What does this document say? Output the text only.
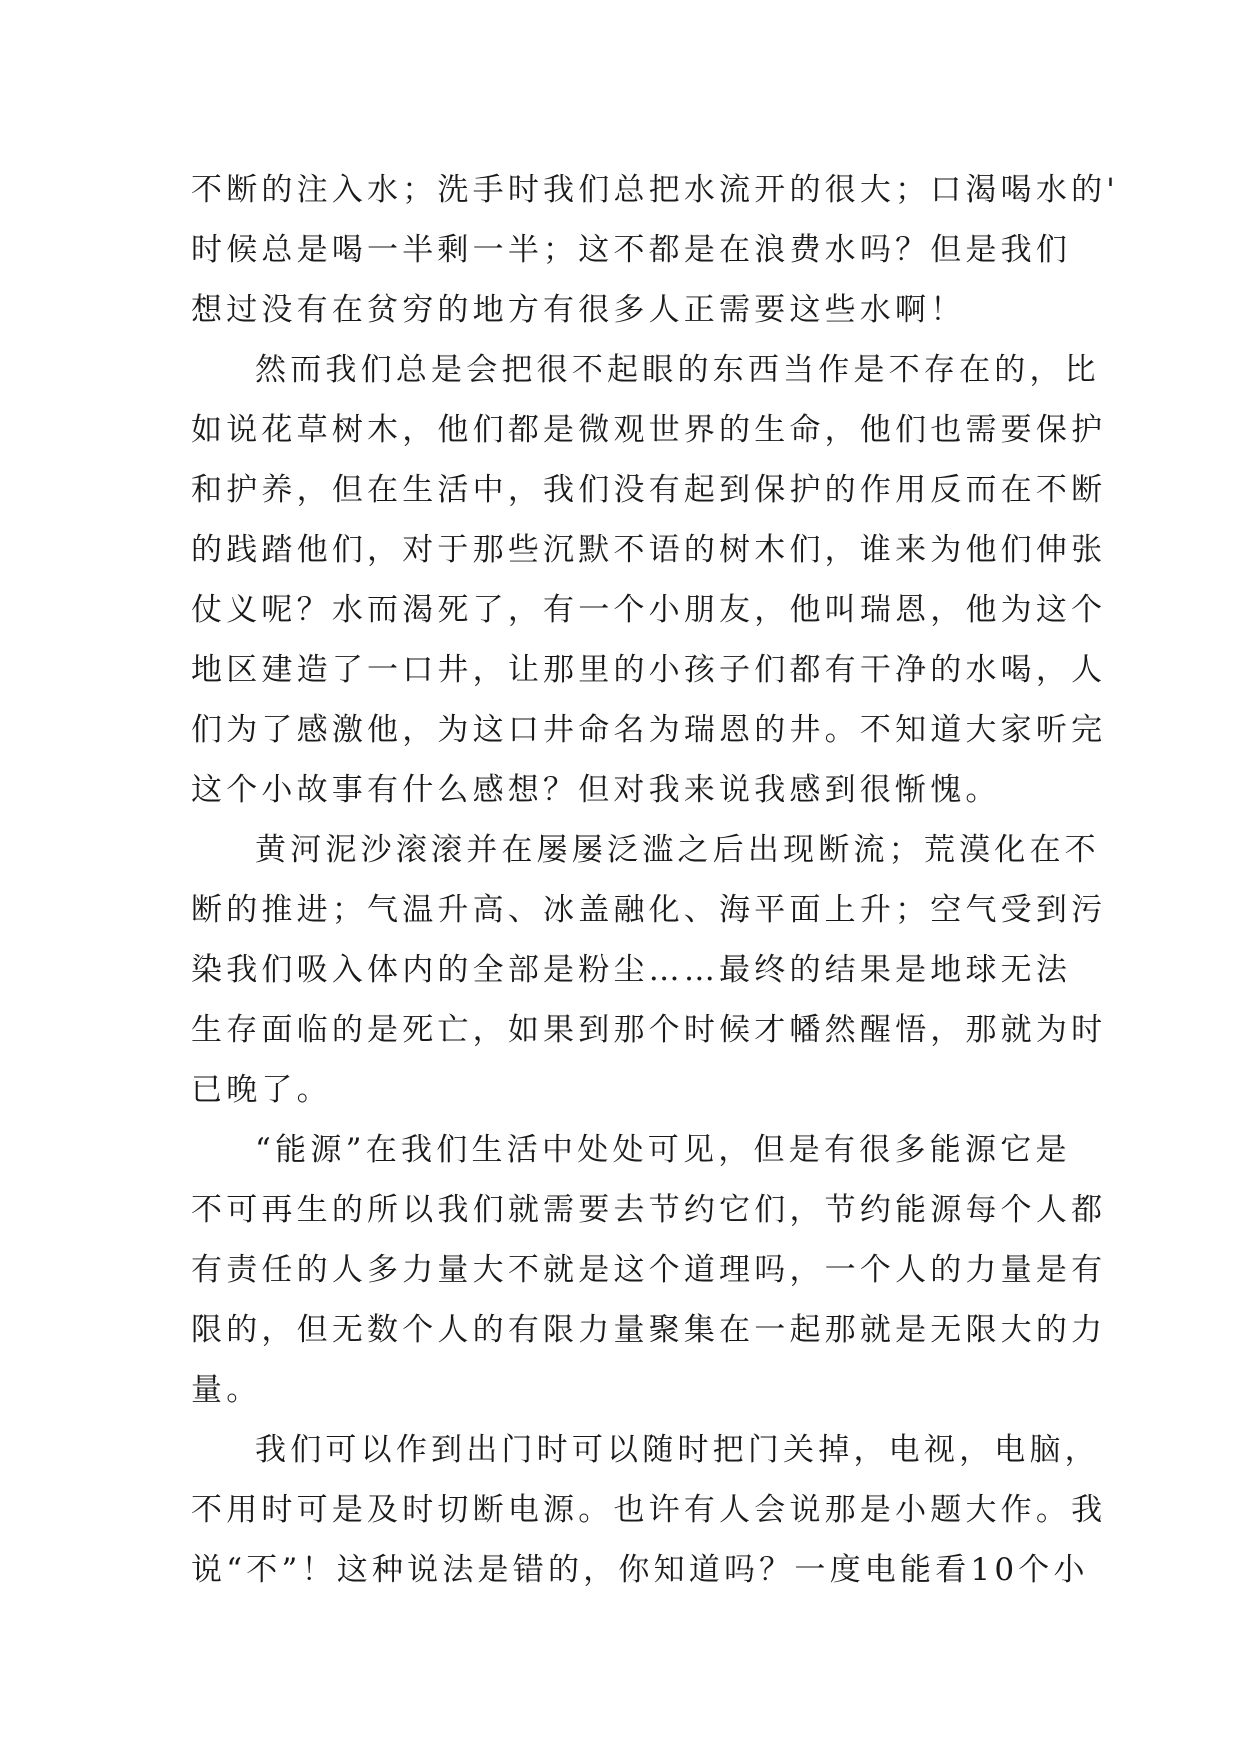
不 断 的 注 入 水 ； 洗 手 时 我 们 总 把 水 流 开 的 很 大 ； 口 渴 喝 水 的 '
时 候 总 是 喝 一 半 剩 一 半 ； 这 不 都 是 在 浪 费 水 吗 ？ 但 是 我 们
想过没有在贫穷的地方有很多人正需要这些水啊！
然 而 我 们 总 是 会 把 很 不 起 眼 的 东 西 当 作 是 不 存 在 的 ， 比
如 说 花 草 树 木 ， 他 们 都 是 微 观 世 界 的 生 命 ， 他 们 也 需 要 保 护
和 护 养 ， 但 在 生 活 中 ， 我 们 没 有 起 到 保 护 的 作 用 反 而 在 不 断
的 践 踏 他 们 ， 对 于 那 些 沉 默 不 语 的 树 木 们 ， 谁 来 为 他 们 伸 张
仗 义 呢 ？ 水 而 渴 死 了 ， 有 一 个 小 朋 友 ， 他 叫 瑞 恩 ， 他 为 这 个
地 区 建 造 了 一 口 井 ， 让 那 里 的 小 孩 子 们 都 有 干 净 的 水 喝 ， 人
们 为 了 感 激 他 ， 为 这 口 井 命 名 为 瑞 恩 的 井 。 不 知 道 大 家 听 完
这个小故事有什么感想？但对我来说我感到很惭愧。
黄 河 泥 沙 滚 滚 并 在 屡 屡 泛 滥 之 后 出 现 断 流 ； 荒 漠 化 在 不
断 的 推 进 ； 气 温 升 高 、 冰 盖 融 化 、 海 平 面 上 升 ； 空 气 受 到 污
染 我 们 吸 入 体 内 的 全 部 是 粉 尘 … … 最 终 的 结 果 是 地 球 无 法
生 存 面 临 的 是 死 亡 ， 如 果 到 那 个 时 候 才 幡 然 醒 悟 ， 那 就 为 时
已晚了。
“ 能 源 ” 在 我 们 生 活 中 处 处 可 见 ， 但 是 有 很 多 能 源 它 是
不 可 再 生 的 所 以 我 们 就 需 要 去 节 约 它 们 ， 节 约 能 源 每 个 人 都
有 责 任 的 人 多 力 量 大 不 就 是 这 个 道 理 吗 ， 一 个 人 的 力 量 是 有
限 的 ， 但 无 数 个 人 的 有 限 力 量 聚 集 在 一 起 那 就 是 无 限 大 的 力
量。
我 们 可 以 作 到 出 门 时 可 以 随 时 把 门 关 掉 ， 电 视 ， 电 脑 ，
不 用 时 可 是 及 时 切 断 电 源 。 也 许 有 人 会 说 那 是 小 题 大 作 。 我
说 “ 不 ” ！ 这 种 说 法 是 错 的 ， 你 知 道 吗 ？ 一 度 电 能 看 1 0 个 小
